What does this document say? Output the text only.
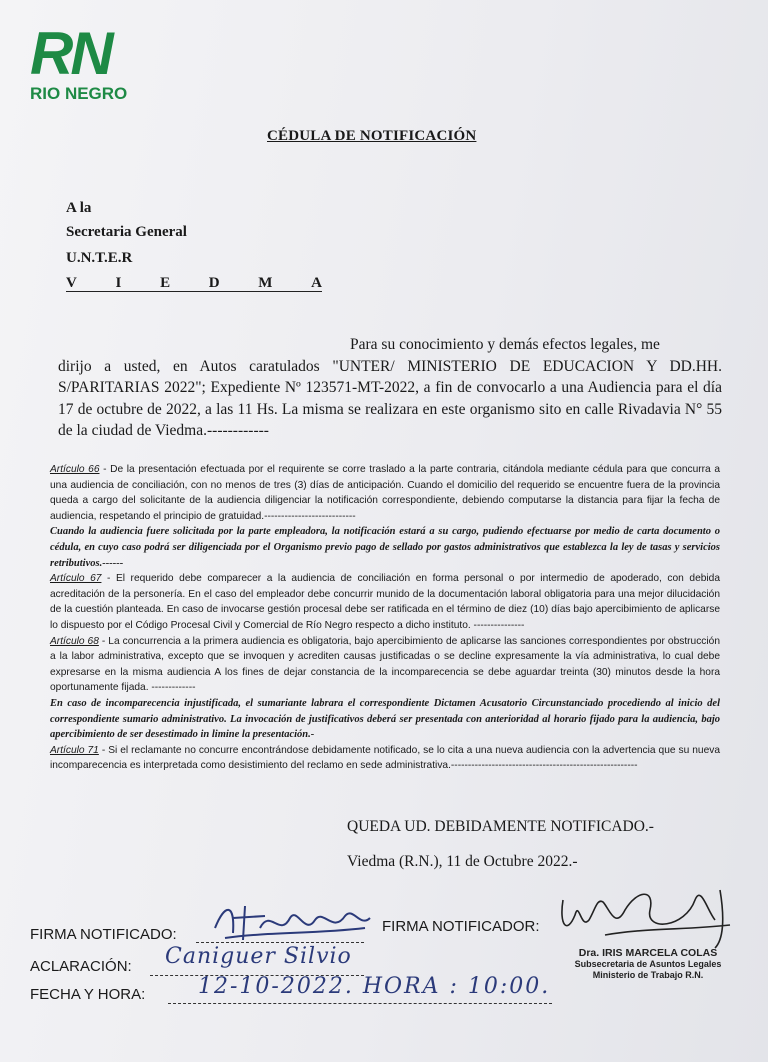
RN
RIO NEGRO
CÉDULA DE NOTIFICACIÓN
A la
Secretaria General
U.N.T.E.R
V	I	E	D	M	A
Para su conocimiento y demás efectos legales, me
dirijo a usted, en Autos caratulados "UNTER/ MINISTERIO DE EDUCACION Y DD.HH. S/PARITARIAS 2022"; Expediente Nº 123571-MT-2022, a fin de convocarlo a una Audiencia para el día 17 de octubre de 2022, a las 11 Hs. La misma se realizara en este organismo sito en calle Rivadavia N° 55 de la ciudad de Viedma.------------

Artículo 66 - De la presentación efectuada por el requirente se corre traslado a la parte contraria, citándola mediante cédula para que concurra a una audiencia de conciliación, con no menos de tres (3) días de anticipación. Cuando el domicilio del requerido se encuentre fuera de la provincia queda a cargo del solicitante de la audiencia diligenciar la notificación correspondiente, debiendo computarse la distancia para fijar la fecha de audiencia, respetando el principio de gratuidad.---------------------------

Cuando la audiencia fuere solicitada por la parte empleadora, la notificación estará a su cargo, pudiendo efectuarse por medio de carta documento o cédula, en cuyo caso podrá ser diligenciada por el Organismo previo pago de sellado por gastos administrativos que establezca la ley de tasas y servicios retributivos.------

Artículo 67 - El requerido debe comparecer a la audiencia de conciliación en forma personal o por intermedio de apoderado, con debida acreditación de la personería. En el caso del empleador debe concurrir munido de la documentación laboral obligatoria para una mejor dilucidación de la cuestión planteada. En caso de invocarse gestión procesal debe ser ratificada en el término de diez (10) días bajo apercibimiento de aplicarse lo dispuesto por el Código Procesal Civil y Comercial de Río Negro respecto a dicho instituto. ---------------

Artículo 68 - La concurrencia a la primera audiencia es obligatoria, bajo apercibimiento de aplicarse las sanciones correspondientes por obstrucción a la labor administrativa, excepto que se invoquen y acrediten causas justificadas o se decline expresamente la vía administrativa, lo cual debe expresarse en la misma audiencia A los fines de dejar constancia de la incomparecencia se debe aguardar treinta (30) minutos desde la hora oportunamente fijada. -------------

En caso de incomparecencia injustificada, el sumariante labrara el correspondiente Dictamen Acusatorio Circunstanciado procediendo al inicio del correspondiente sumario administrativo. La invocación de justificativos deberá ser presentada con anterioridad al horario fijado para la audiencia, bajo apercibimiento de ser desestimado in limine la presentación.-

Artículo 71 - Si el reclamante no concurre encontrándose debidamente notificado, se lo cita a una nueva audiencia con la advertencia que su nueva incomparecencia es interpretada como desistimiento del reclamo en sede administrativa.-------------------------------------------------------

QUEDA UD. DEBIDAMENTE NOTIFICADO.-
Viedma (R.N.), 11 de Octubre 2022.-
FIRMA NOTIFICADO:	FIRMA NOTIFICADOR:
ACLARACIÓN: Caniguer Silvio
FECHA Y HORA: 12-10-2022. HORA : 10:00.
Dra. IRIS MARCELA COLAS
Subsecretaria de Asuntos Legales
Ministerio de Trabajo R.N.
